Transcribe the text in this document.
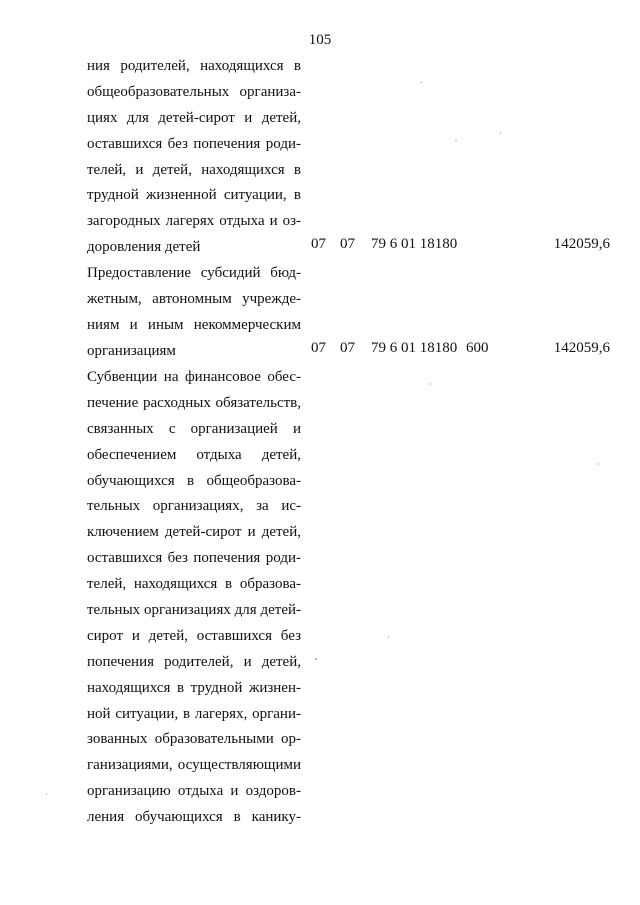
105
ния родителей, находящихся в
общеобразовательных организа-
циях для детей-сирот и детей,
оставшихся без попечения роди-
телей, и детей, находящихся в
трудной жизненной ситуации, в
загородных лагерях отдыха и оз-
доровления детей	07 07 79 6 01 18180	142059,6
Предоставление субсидий бюд-
жетным, автономным учрежде-
ниям и иным некоммерческим
организациям	07 07 79 6 01 18180 600	142059,6
Субвенции на финансовое обес-
печение расходных обязательств,
связанных с организацией и
обеспечением отдыха детей,
обучающихся в общеобразова-
тельных организациях, за ис-
ключением детей-сирот и детей,
оставшихся без попечения роди-
телей, находящихся в образова-
тельных организациях для детей-
сирот и детей, оставшихся без
попечения родителей, и детей,
находящихся в трудной жизнен-
ной ситуации, в лагерях, органи-
зованных образовательными ор-
ганизациями, осуществляющими
организацию отдыха и оздоров-
ления обучающихся в канику-
